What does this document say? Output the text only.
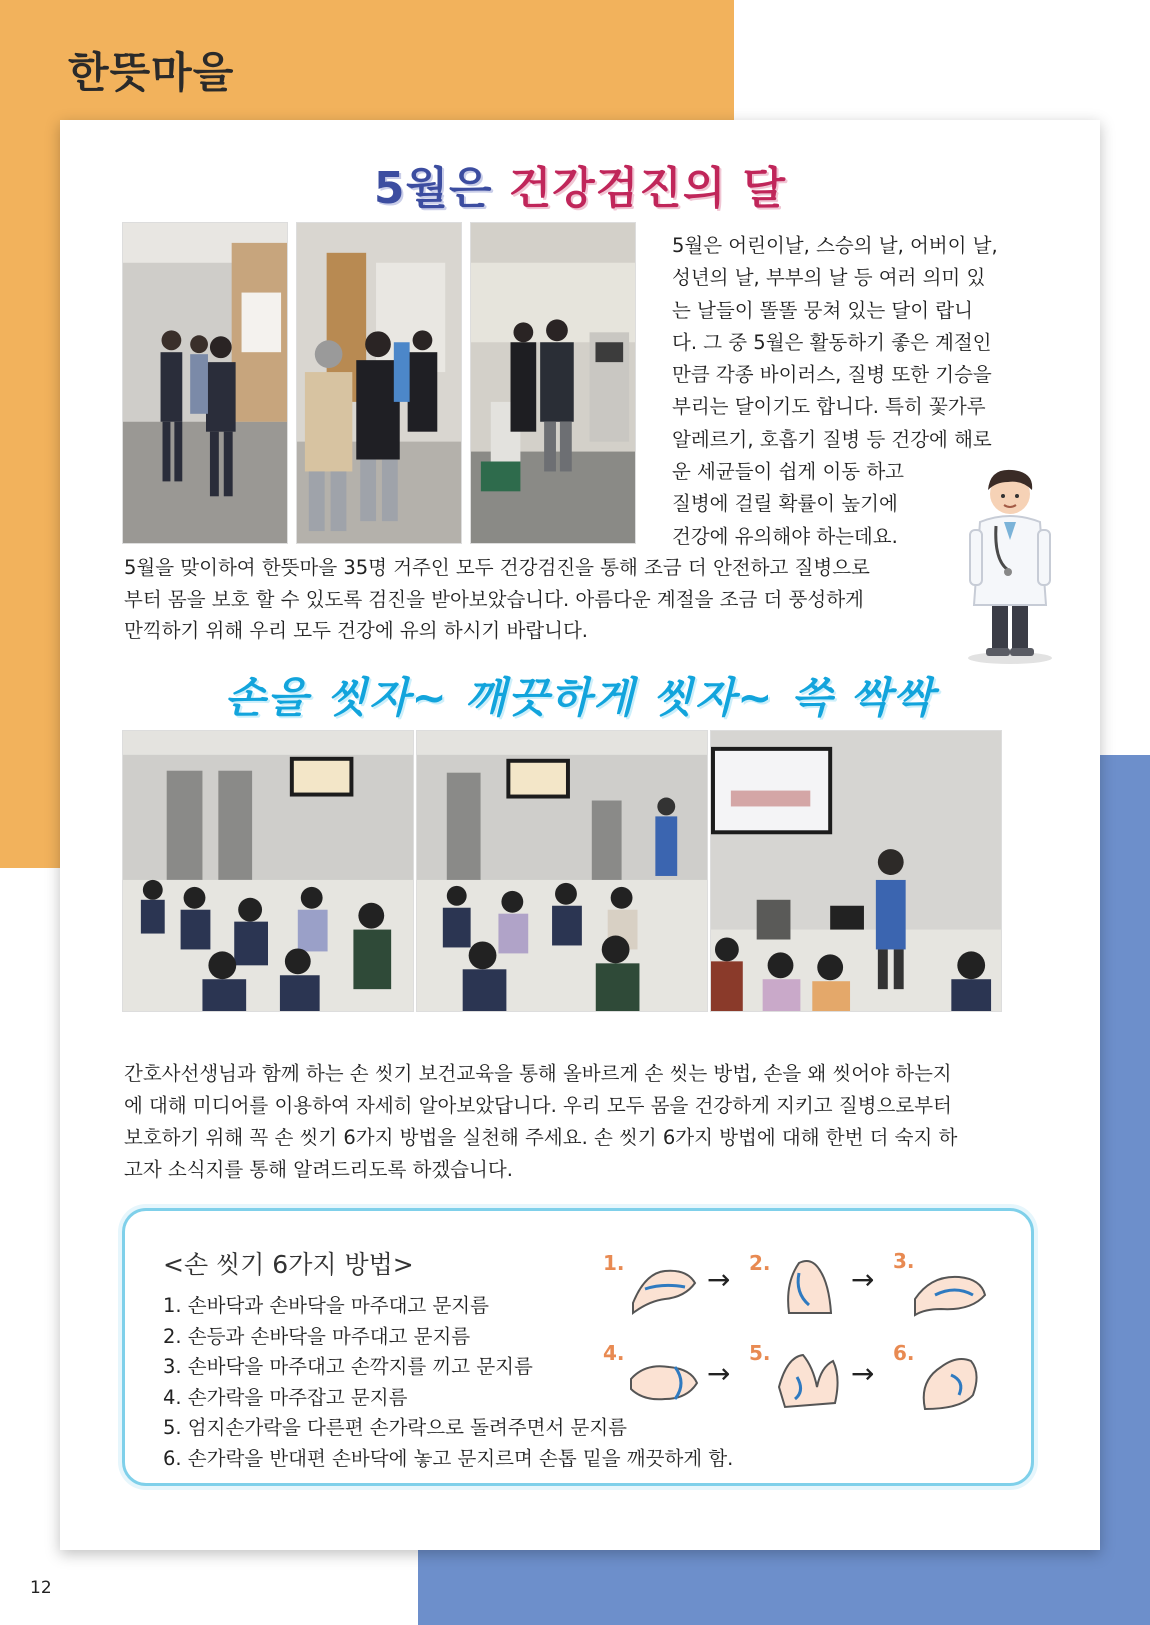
한뜻마을
5월은 건강검진의 달
5월은 어린이날, 스승의 날, 어버이 날,
성년의 날, 부부의 날 등 여러 의미 있
는 날들이 똘똘 뭉쳐 있는 달이 랍니
다. 그 중 5월은 활동하기 좋은 계절인
만큼 각종 바이러스, 질병 또한 기승을
부리는 달이기도 합니다. 특히 꽃가루
알레르기, 호흡기 질병 등 건강에 해로
운 세균들이 쉽게 이동 하고
질병에 걸릴 확률이 높기에
건강에 유의해야 하는데요.
5월을 맞이하여 한뜻마을 35명 거주인 모두 건강검진을 통해 조금 더 안전하고 질병으로
부터 몸을 보호 할 수 있도록 검진을 받아보았습니다. 아름다운 계절을 조금 더 풍성하게
만끽하기 위해 우리 모두 건강에 유의 하시기 바랍니다.
손을 씻자~ 깨끗하게 씻자~ 쓱 싹싹
간호사선생님과 함께 하는 손 씻기 보건교육을 통해 올바르게 손 씻는 방법, 손을 왜 씻어야 하는지
에 대해 미디어를 이용하여 자세히 알아보았답니다. 우리 모두 몸을 건강하게 지키고 질병으로부터
보호하기 위해 꼭 손 씻기 6가지 방법을 실천해 주세요. 손 씻기 6가지 방법에 대해 한번 더 숙지 하
고자 소식지를 통해 알려드리도록 하겠습니다.
<손 씻기 6가지 방법>
1. 손바닥과 손바닥을 마주대고 문지름
2. 손등과 손바닥을 마주대고 문지름
3. 손바닥을 마주대고 손깍지를 끼고 문지름
4. 손가락을 마주잡고 문지름
5. 엄지손가락을 다른편 손가락으로 돌려주면서 문지름
6. 손가락을 반대편 손바닥에 놓고 문지르며 손톱 밑을 깨끗하게 함.
1.	→ 2.	→
3.
4.
→
5.
→
6.
12
